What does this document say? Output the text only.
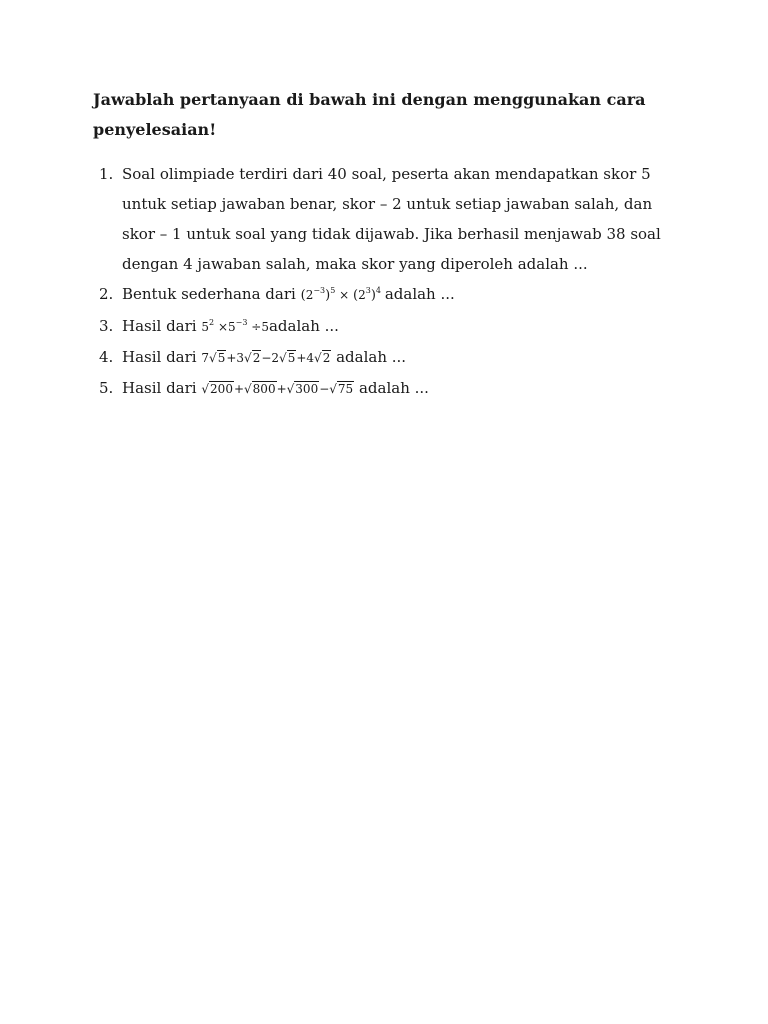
Jawablah pertanyaan di bawah ini dengan menggunakan cara penyelesaian!
1. Soal olimpiade terdiri dari 40 soal, peserta akan mendapatkan skor 5 untuk setiap jawaban benar, skor – 2 untuk setiap jawaban salah, dan skor – 1 untuk soal yang tidak dijawab. Jika berhasil menjawab 38 soal dengan 4 jawaban salah, maka skor yang diperoleh adalah ...
2. Bentuk sederhana dari $(2^{-3})^5 \times (2^3)^4$ adalah ...
3. Hasil dari $5^2 \times 5^{-3}$ ÷5adalah ...
4. Hasil dari 7√5+3√2−2√5+4√2 adalah ...
5. Hasil dari √200+√800+√300−√75 adalah ...
